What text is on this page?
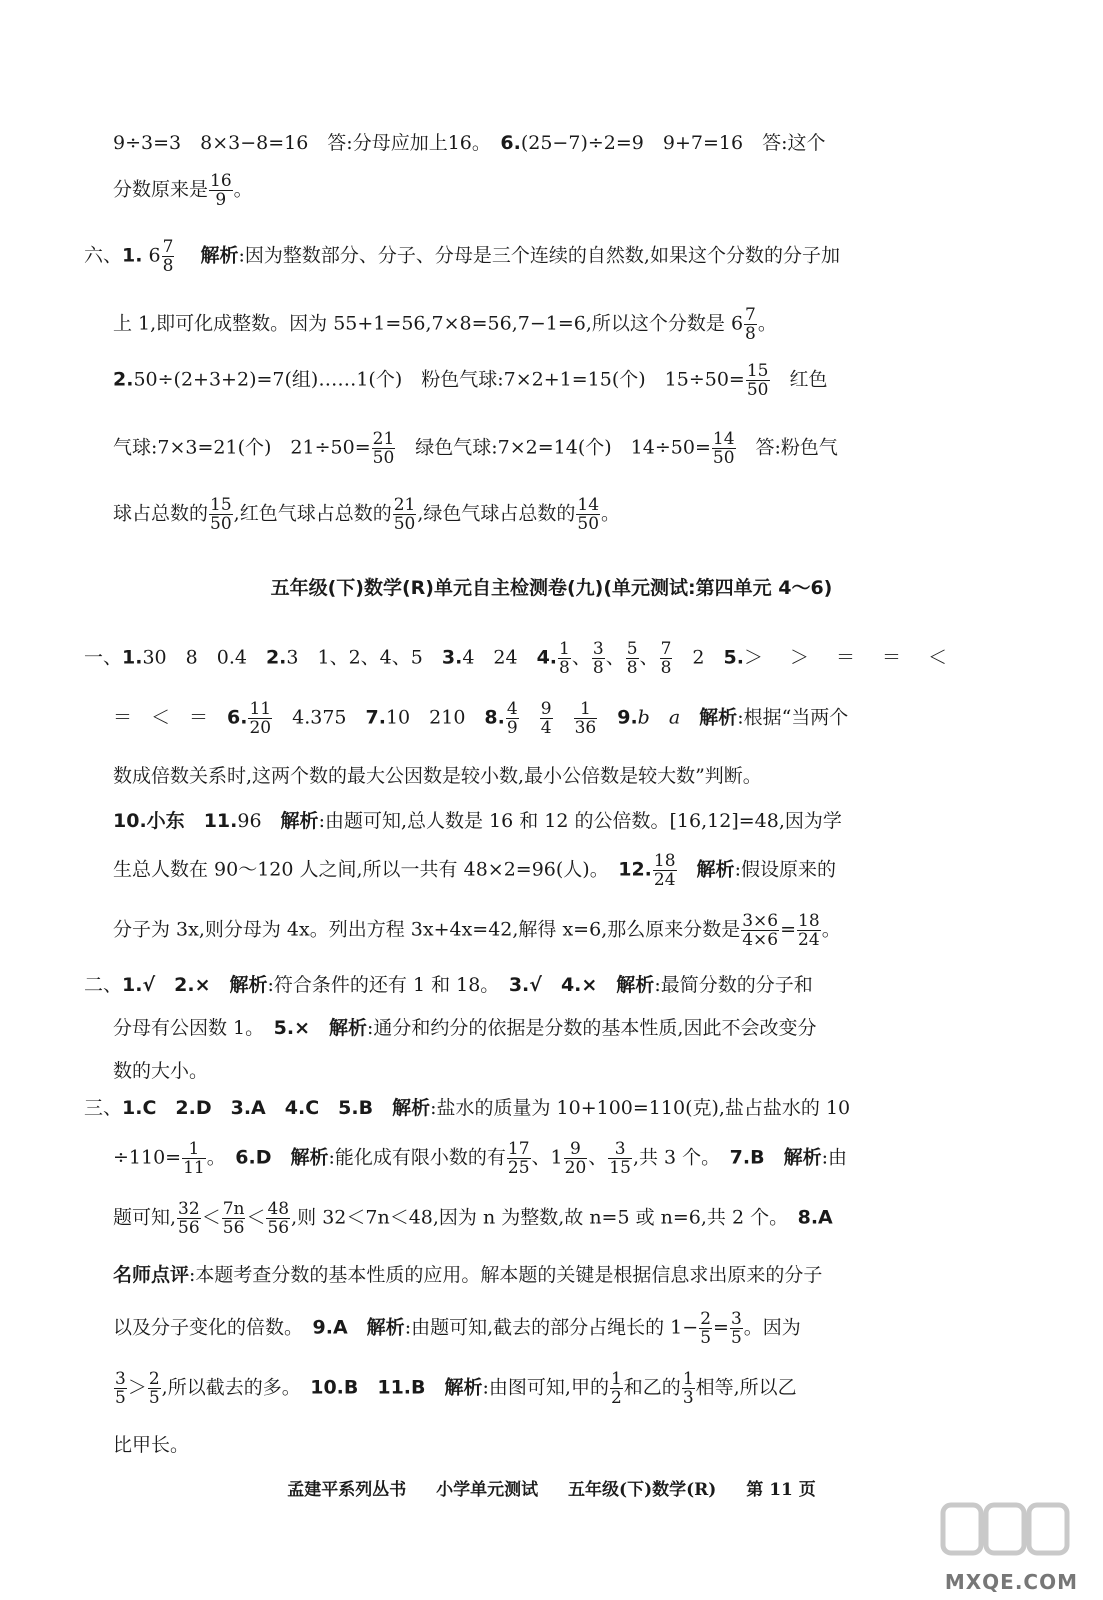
9÷3=3　8×3−8=16　答:分母应加上16。　6.(25−7)÷2=9　9+7=16　答:这个
分数原来是 $\frac{16}{9}$ 。
六、1. $6 \frac{7}{8}$
　 解析:因为整数部分、分子、分母是三个连续的自然数,如果这个分数的分子加
上 1,即可化成整数。因为 55+1=56,7×8=56,7−1=6,所以这个分数是 $6 \frac{7}{8}$ 。
2.50÷(2+3+2)=7(组)……1(个)　粉色气球:7×2+1=15(个)　$15\div 50= \frac{15}{50}$ 　红色
气球:7×3=21(个)　$21\div 50= \frac{21}{50}$ 　绿色气球:7×2=14(个)　$14\div 50= \frac{14}{50}$ 　答:粉色气
球占总数的 $\frac{15}{50}$ ,红色气球占总数的 $\frac{21}{50}$ ,绿色气球占总数的 $\frac{14}{50}$ 。
五年级(下)数学(R)单元自主检测卷(九)(单元测试:第四单元 4～6)
一、1.30　8　0.4　2.3　1、2、4、5　3.4　24　4. $\frac{1}{8}$ 、 $\frac{3}{8}$ 、 $\frac{5}{8}$ 、 $\frac{7}{8}$ 　2　5.＞　＞　＝　＝　＜
＝　＜　＝　6. $\frac{11}{20}$ 　4.375　7.10　210　8. $\frac{4}{9}$
　 $\frac{9}{4}$
　 $\frac{1}{36}$
　 9.b　a　解析:根据“当两个
数成倍数关系时,这两个数的最大公因数是较小数,最小公倍数是较大数”判断。
10.小东　11.96　解析:由题可知,总人数是 16 和 12 的公倍数。[16,12]=48,因为学
生总人数在 90～120 人之间,所以一共有 48×2=96(人)。　12. $\frac{18}{24}$
　 解析:假设原来的
分子为 3x,则分母为 4x。列出方程 3x+4x=42,解得 x=6,那么原来分数是 $\frac{3\times 6}{4\times 6} = \frac{18}{24}$ 。
二、1.√　2.×　解析:符合条件的还有 1 和 18。　3.√　4.×　解析:最简分数的分子和
分母有公因数 1。　5.×　解析:通分和约分的依据是分数的基本性质,因此不会改变分
数的大小。
三、1.C　2.D　3.A　4.C　5.B　解析:盐水的质量为 10+100=110(克),盐占盐水的 10
$\div 110= \frac{1}{11}$ 。　6.D　解析:能化成有限小数的有 $\frac{17}{25}$ 、$1 \frac{9}{20}$ 、 $\frac{3}{15}$ ,共 3 个。　7.B　解析:由
题可知, $\frac{32}{56} < \frac{7n}{56} < \frac{48}{56}$ ,则 32＜7n＜48,因为 n 为整数,故 n=5 或 n=6,共 2 个。　8.A
名师点评:本题考查分数的基本性质的应用。解本题的关键是根据信息求出原来的分子
以及分子变化的倍数。　9.A　解析:由题可知,截去的部分占绳长的 $1- \frac{2}{5} = \frac{3}{5}$ 。因为
$\frac{3}{5} > \frac{2}{5}$ ,所以截去的多。　10.B　11.B　解析:由图可知,甲的 $\frac{1}{2}$ 和乙的 $\frac{1}{3}$ 相等,所以乙
比甲长。
孟建平系列丛书 小学单元测试 五年级(下)数学(R) 第 11 页
MXQE.COM
